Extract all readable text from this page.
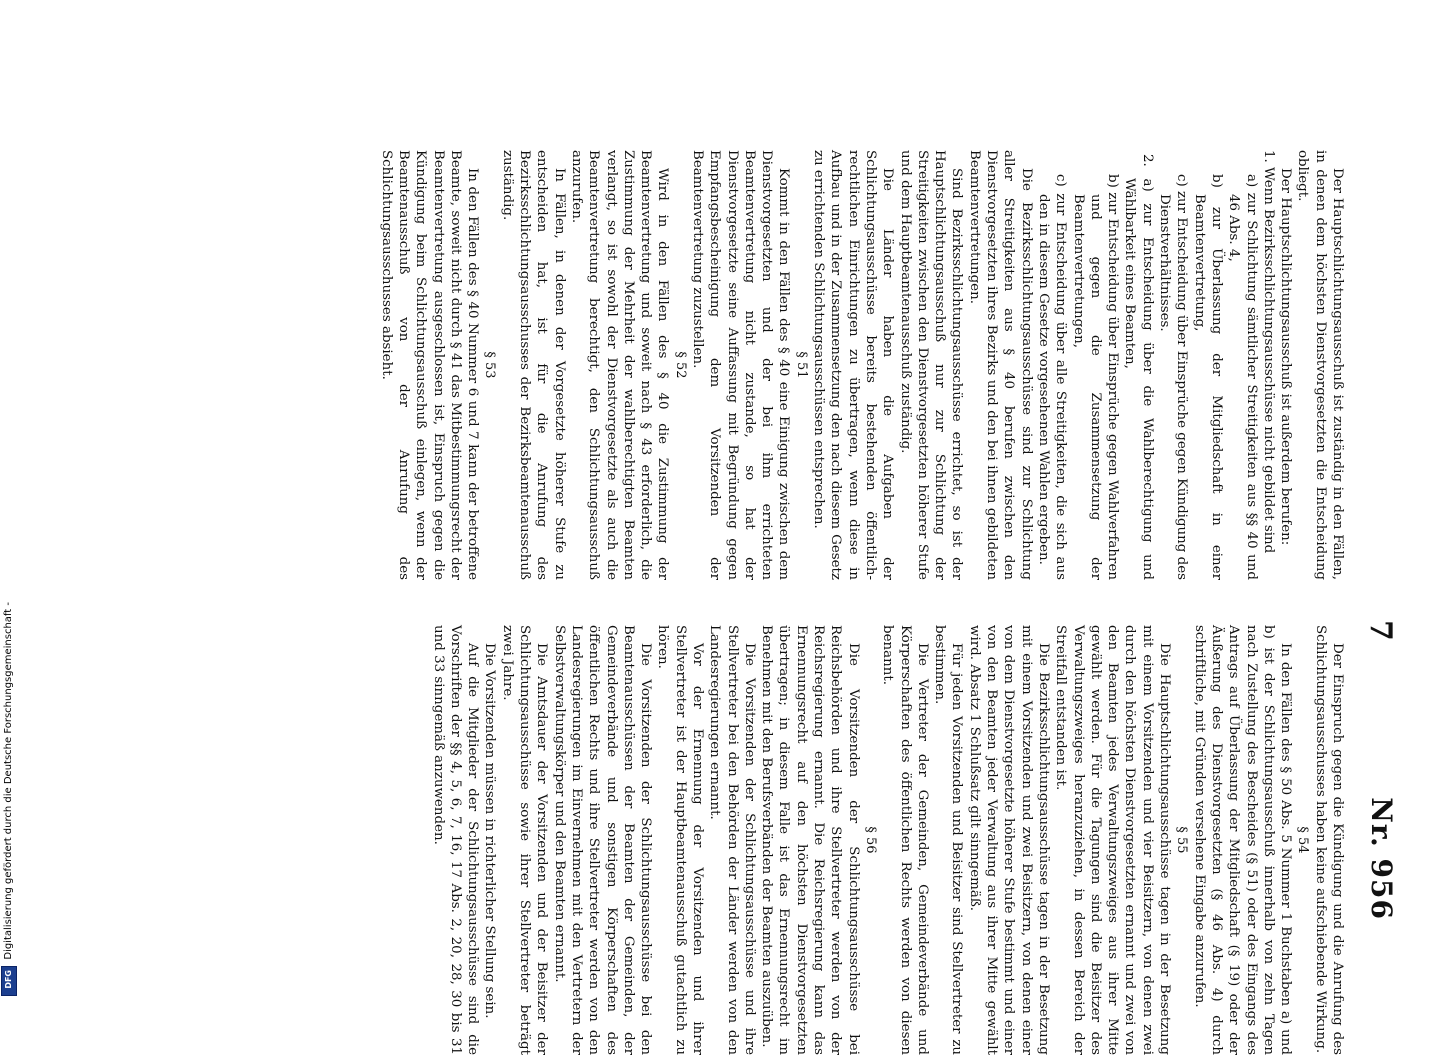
7
Nr. 956

Der Hauptschlichtungsausschuß ist zuständig in den Fällen, in denen dem höchsten Dienstvorgesetzten die Entscheidung obliegt.

Der Hauptschlichtungsausschuß ist außerdem berufen:

1. Wenn Bezirksschlichtungsausschüsse nicht gebildet sind

a) zur Schlichtung sämtlicher Streitigkeiten aus §§ 40 und 46 Abs. 4,

b) zur Überlassung der Mitgliedschaft in einer Beamtenvertretung,

c) zur Entscheidung über Einsprüche gegen Kündigung des Dienstverhältnisses.

2. a) zur Entscheidung über die Wahlberechtigung und Wählbarkeit eines Beamten,

b) zur Entscheidung über Einsprüche gegen Wahlverfahren und gegen die Zusammensetzung der Beamtenvertretungen,

c) zur Entscheidung über alle Streitigkeiten, die sich aus den in diesem Gesetze vorgesehenen Wahlen ergeben.

Die Bezirksschlichtungsausschüsse sind zur Schlichtung aller Streitigkeiten aus § 40 berufen zwischen den Dienstvorgesetzten ihres Bezirks und den bei ihnen gebildeten Beamtenvertretungen.

Sind Bezirksschlichtungsausschüsse errichtet, so ist der Hauptschlichtungsausschuß nur zur Schlichtung der Streitigkeiten zwischen den Dienstvorgesetzten höherer Stufe und dem Hauptbeamtenausschuß zuständig.

Die Länder haben die Aufgaben der Schlichtungsausschüsse bereits bestehenden öffentlich-rechtlichen Einrichtungen zu übertragen, wenn diese in Aufbau und in der Zusammensetzung den nach diesem Gesetz zu errichtenden Schlichtungsausschüssen entsprechen.

§ 51

Kommt in den Fällen des § 40 eine Einigung zwischen dem Dienstvorgesetzten und der bei ihm errichteten Beamtenvertretung nicht zustande, so hat der Dienstvorgesetzte seine Auffassung mit Begründung gegen Empfangsbescheinigung dem Vorsitzenden der Beamtenvertretung zuzustellen.

§ 52

Wird in den Fällen des § 40 die Zustimmung der Beamtenvertretung und soweit nach § 43 erforderlich, die Zustimmung der Mehrheit der wahlberechtigten Beamten verlangt, so ist sowohl der Dienstvorgesetzte als auch die Beamtenvertretung berechtigt, den Schlichtungsausschuß anzurufen.

In Fällen, in denen der Vorgesetzte höherer Stufe zu entscheiden hat, ist für die Anrufung des Bezirksschlichtungsausschusses der Bezirksbeamtenausschuß zuständig.

§ 53

In den Fällen des § 40 Nummer 6 und 7 kann der betroffene Beamte, soweit nicht durch § 41 das Mitbestimmungsrecht der Beamtenvertretung ausgeschlossen ist, Einspruch gegen die Kündigung beim Schlichtungsausschuß einlegen, wenn der Beamtenausschuß von der Anrufung des Schlichtungsausschusses absieht.

Der Einspruch gegen die Kündigung und die Anrufung des Schlichtungsausschusses haben keine aufschiebende Wirkung.

§ 54

In den Fällen des § 50 Abs. 5 Nummer 1 Buchstaben a) und b) ist der Schlichtungsausschuß innerhalb von zehn Tagen nach Zustellung des Bescheides (§ 51) oder des Eingangs des Antrags auf Überlassung der Mitgliedschaft (§ 19) oder der Äußerung des Dienstvorgesetzten (§ 46 Abs. 4) durch schriftliche, mit Gründen versehene Eingabe anzurufen.

§ 55

Die Hauptschlichtungsausschüsse tagen in der Besetzung mit einem Vorsitzenden und vier Beisitzern, von denen zwei durch den höchsten Dienstvorgesetzten ernannt und zwei von den Beamten jedes Verwaltungszweiges aus ihrer Mitte gewählt werden. Für die Tagungen sind die Beisitzer des Verwaltungszweiges heranzuziehen, in dessen Bereich der Streitfall entstanden ist.

Die Bezirksschlichtungsausschüsse tagen in der Besetzung mit einem Vorsitzenden und zwei Beisitzern, von denen einer von dem Dienstvorgesetzte höherer Stufe bestimmt und einer von den Beamten jeder Verwaltung aus ihrer Mitte gewählt wird. Absatz 1 Schlußsatz gilt sinngemäß.

Für jeden Vorsitzenden und Beisitzer sind Stellvertreter zu bestimmen.

Die Vertreter der Gemeinden, Gemeindeverbände und Körperschaften des öffentlichen Rechts werden von diesen benannt.

§ 56

Die Vorsitzenden der Schlichtungsausschüsse bei Reichsbehörden und ihre Stellvertreter werden von der Reichsregierung ernannt. Die Reichsregierung kann das Ernennungsrecht auf den höchsten Dienstvorgesetzten übertragen; in diesem Falle ist das Ernennungsrecht im Benehmen mit den Berufsverbänden der Beamten auszuüben.

Die Vorsitzenden der Schlichtungsausschüsse und ihre Stellvertreter bei den Behörden der Länder werden von den Landesregierungen ernannt.

Vor der Ernennung der Vorsitzenden und ihrer Stellvertreter ist der Hauptbeamtenausschuß gutachtlich zu hören.

Die Vorsitzenden der Schlichtungsausschüsse bei den Beamtenausschüssen der Beamten der Gemeinden, der Gemeindeverbände und sonstigen Körperschaften des öffentlichen Rechts und ihre Stellvertreter werden von den Landesregierungen im Einvernehmen mit den Vertretern der Selbstverwaltungskörper und den Beamten ernannt.

Die Amtsdauer der Vorsitzenden und der Beisitzer der Schlichtungsausschüsse sowie ihrer Stellvertreter beträgt zwei Jahre.

Die Vorsitzenden müssen in richterlicher Stellung sein.

Auf die Mitglieder der Schlichtungsausschüsse sind die Vorschriften der §§ 4, 5, 6, 7, 16, 17 Abs. 2, 20, 28, 30 bis 31 und 33 sinngemäß anzuwenden.

Digitalisierung gefördert durch die Deutsche Forschungsgemeinschaft -
DFG
